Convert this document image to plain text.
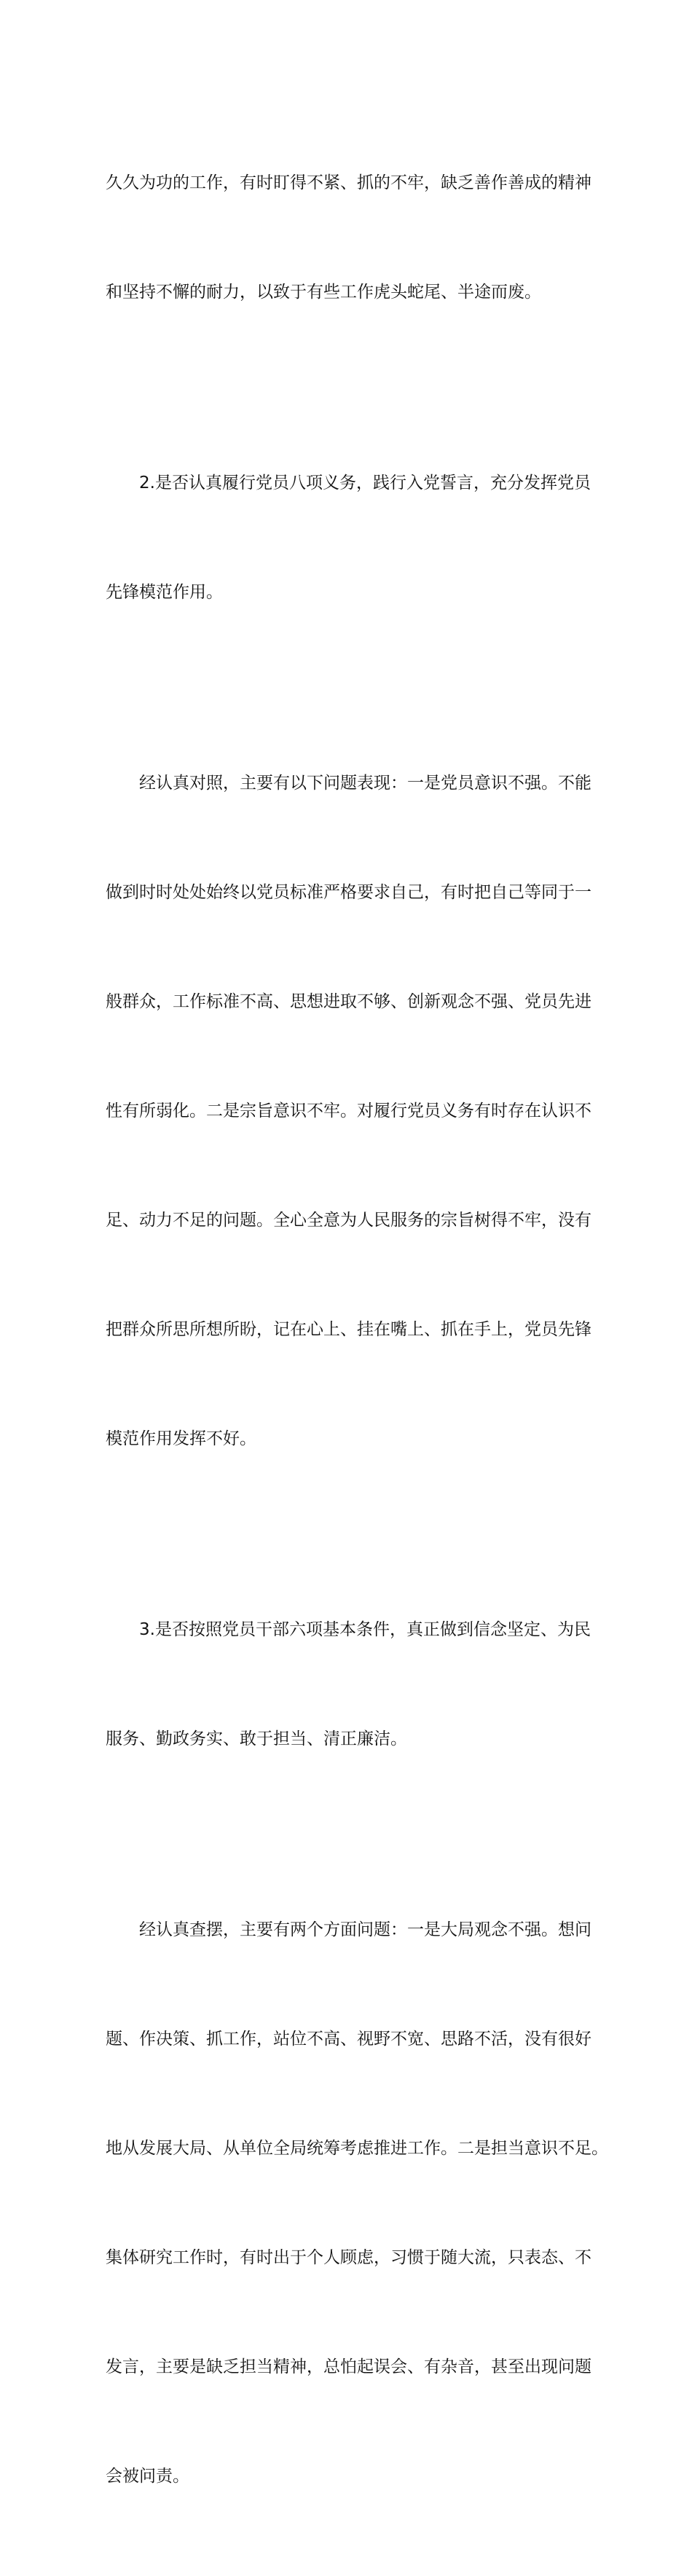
久久为功的工作，有时盯得不紧、抓的不牢，缺乏善作善成的精神

和坚持不懈的耐力，以致于有些工作虎头蛇尾、半途而废。

2.是否认真履行党员八项义务，践行入党誓言，充分发挥党员

先锋模范作用。

经认真对照，主要有以下问题表现：一是党员意识不强。不能

做到时时处处始终以党员标准严格要求自己，有时把自己等同于一

般群众，工作标准不高、思想进取不够、创新观念不强、党员先进

性有所弱化。二是宗旨意识不牢。对履行党员义务有时存在认识不

足、动力不足的问题。全心全意为人民服务的宗旨树得不牢，没有

把群众所思所想所盼，记在心上、挂在嘴上、抓在手上，党员先锋

模范作用发挥不好。

3.是否按照党员干部六项基本条件，真正做到信念坚定、为民

服务、勤政务实、敢于担当、清正廉洁。

经认真查摆，主要有两个方面问题：一是大局观念不强。想问

题、作决策、抓工作，站位不高、视野不宽、思路不活，没有很好

地从发展大局、从单位全局统筹考虑推进工作。二是担当意识不足。

集体研究工作时，有时出于个人顾虑，习惯于随大流，只表态、不

发言，主要是缺乏担当精神，总怕起误会、有杂音，甚至出现问题

会被问责。
